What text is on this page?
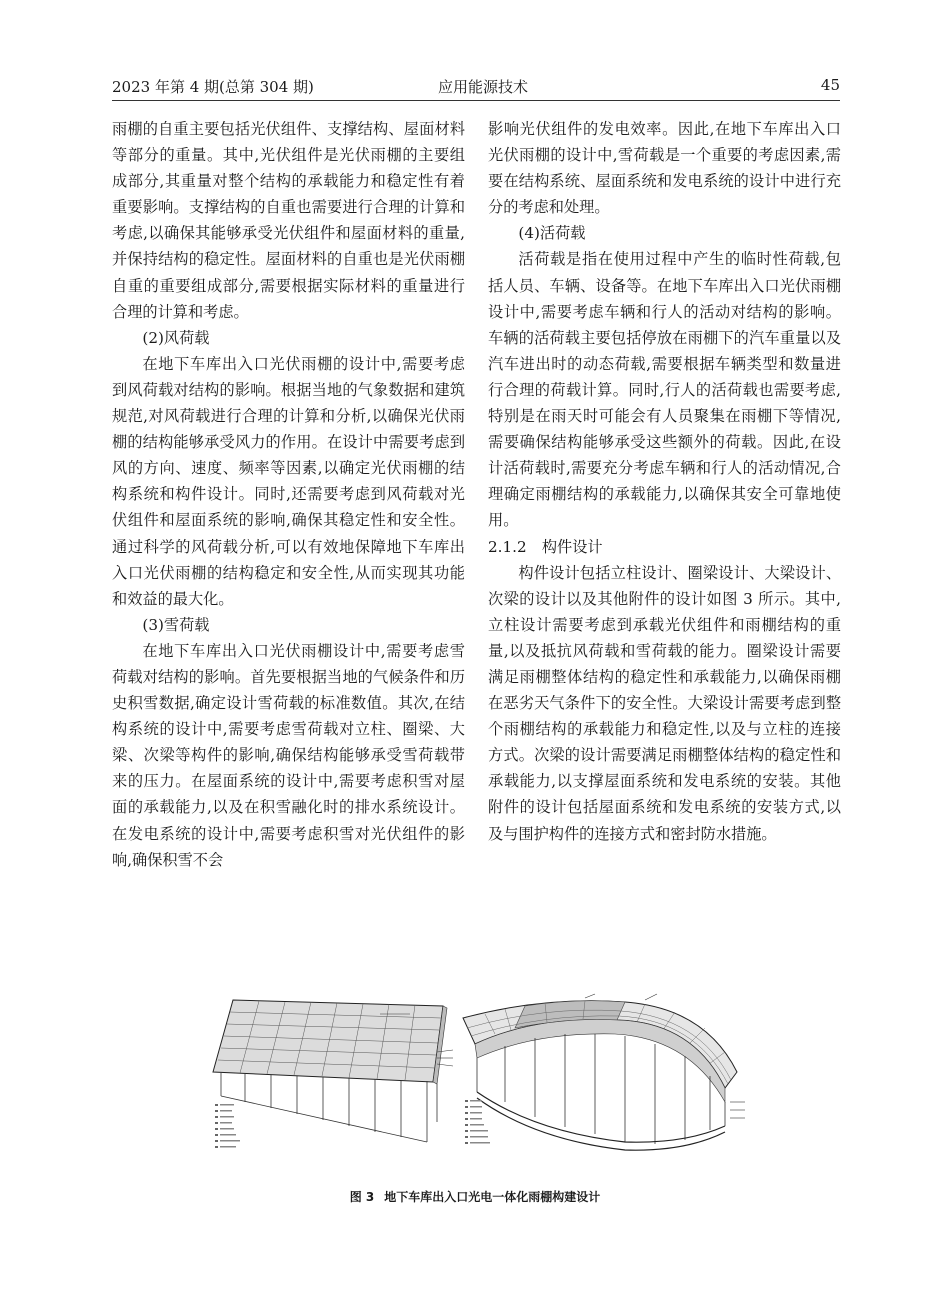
2023 年第 4 期(总第 304 期)	应用能源技术	45

雨棚的自重主要包括光伏组件、支撑结构、屋面材料等部分的重量。其中,光伏组件是光伏雨棚的主要组成部分,其重量对整个结构的承载能力和稳定性有着重要影响。支撑结构的自重也需要进行合理的计算和考虑,以确保其能够承受光伏组件和屋面材料的重量,并保持结构的稳定性。屋面材料的自重也是光伏雨棚自重的重要组成部分,需要根据实际材料的重量进行合理的计算和考虑。

(2)风荷载

在地下车库出入口光伏雨棚的设计中,需要考虑到风荷载对结构的影响。根据当地的气象数据和建筑规范,对风荷载进行合理的计算和分析,以确保光伏雨棚的结构能够承受风力的作用。在设计中需要考虑到风的方向、速度、频率等因素,以确定光伏雨棚的结构系统和构件设计。同时,还需要考虑到风荷载对光伏组件和屋面系统的影响,确保其稳定性和安全性。通过科学的风荷载分析,可以有效地保障地下车库出入口光伏雨棚的结构稳定和安全性,从而实现其功能和效益的最大化。

(3)雪荷载

在地下车库出入口光伏雨棚设计中,需要考虑雪荷载对结构的影响。首先要根据当地的气候条件和历史积雪数据,确定设计雪荷载的标准数值。其次,在结构系统的设计中,需要考虑雪荷载对立柱、圈梁、大梁、次梁等构件的影响,确保结构能够承受雪荷载带来的压力。在屋面系统的设计中,需要考虑积雪对屋面的承载能力,以及在积雪融化时的排水系统设计。在发电系统的设计中,需要考虑积雪对光伏组件的影响,确保积雪不会

影响光伏组件的发电效率。因此,在地下车库出入口光伏雨棚的设计中,雪荷载是一个重要的考虑因素,需要在结构系统、屋面系统和发电系统的设计中进行充分的考虑和处理。

(4)活荷载

活荷载是指在使用过程中产生的临时性荷载,包括人员、车辆、设备等。在地下车库出入口光伏雨棚设计中,需要考虑车辆和行人的活动对结构的影响。车辆的活荷载主要包括停放在雨棚下的汽车重量以及汽车进出时的动态荷载,需要根据车辆类型和数量进行合理的荷载计算。同时,行人的活荷载也需要考虑,特别是在雨天时可能会有人员聚集在雨棚下等情况,需要确保结构能够承受这些额外的荷载。因此,在设计活荷载时,需要充分考虑车辆和行人的活动情况,合理确定雨棚结构的承载能力,以确保其安全可靠地使用。

2.1.2　构件设计

构件设计包括立柱设计、圈梁设计、大梁设计、次梁的设计以及其他附件的设计如图 3 所示。其中,立柱设计需要考虑到承载光伏组件和雨棚结构的重量,以及抵抗风荷载和雪荷载的能力。圈梁设计需要满足雨棚整体结构的稳定性和承载能力,以确保雨棚在恶劣天气条件下的安全性。大梁设计需要考虑到整个雨棚结构的承载能力和稳定性,以及与立柱的连接方式。次梁的设计需要满足雨棚整体结构的稳定性和承载能力,以支撑屋面系统和发电系统的安装。其他附件的设计包括屋面系统和发电系统的安装方式,以及与围护构件的连接方式和密封防水措施。

图 3 地下车库出入口光电一体化雨棚构建设计
